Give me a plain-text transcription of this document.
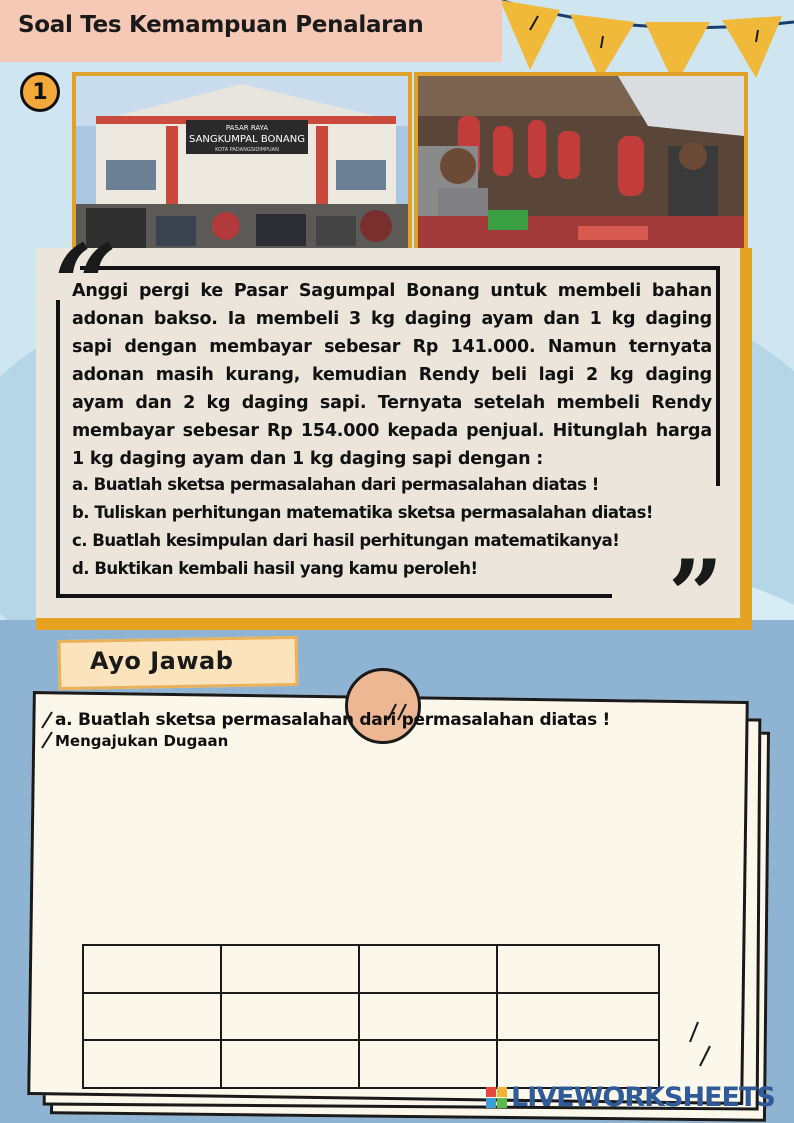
Soal Tes Kemampuan Penalaran
1
PASAR RAYA
SANGKUMPAL BONANG
KOTA PADANGSIDIMPUAN
“
”
Anggi pergi ke Pasar Sagumpal Bonang untuk membeli bahan adonan bakso. Ia membeli 3 kg daging ayam dan 1 kg daging sapi dengan membayar sebesar Rp 141.000. Namun ternyata adonan masih kurang, kemudian Rendy beli lagi 2 kg daging ayam dan 2 kg daging sapi. Ternyata setelah membeli Rendy membayar sebesar Rp 154.000 kepada penjual. Hitunglah harga 1 kg daging ayam dan 1 kg daging sapi dengan :
a. Buatlah sketsa permasalahan dari permasalahan diatas !
b. Tuliskan perhitungan matematika sketsa permasalahan diatas!
c. Buatlah kesimpulan dari hasil perhitungan matematikanya!
d. Buktikan kembali hasil yang kamu peroleh!
Ayo Jawab
a. Buatlah sketsa permasalahan dari permasalahan diatas !
Mengajukan Dugaan

LIVEWORKSHEETS
